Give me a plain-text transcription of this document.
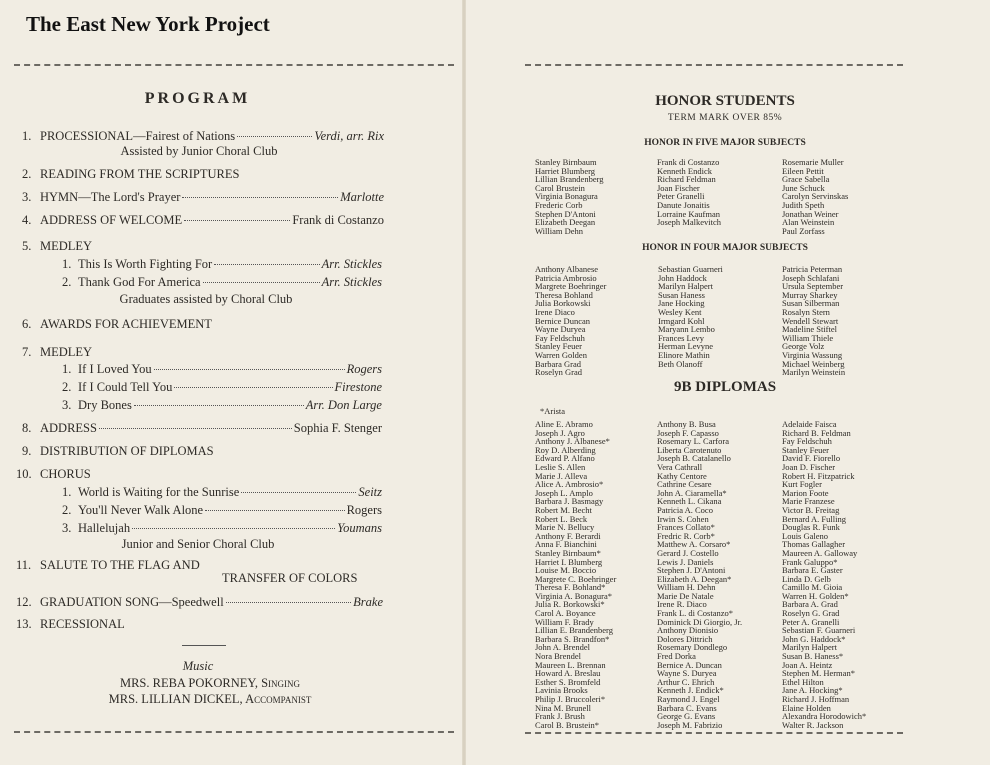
The East New York Project
PROGRAM
1. PROCESSIONAL—Fairest of Nations	Verdi, arr. Rix
Assisted by Junior Choral Club
2. READING FROM THE SCRIPTURES
3. HYMN—The Lord's Prayer	Marlotte
4. ADDRESS OF WELCOME	Frank di Costanzo
5. MEDLEY
1. This Is Worth Fighting For	Arr. Stickles
2. Thank God For America	Arr. Stickles
Graduates assisted by Choral Club
6. AWARDS FOR ACHIEVEMENT
7. MEDLEY
1. If I Loved You	Rogers
2. If I Could Tell You	Firestone
3. Dry Bones	Arr. Don Large
8. ADDRESS	Sophia F. Stenger
9. DISTRIBUTION OF DIPLOMAS
10. CHORUS
1. World is Waiting for the Sunrise	Seitz
2. You'll Never Walk Alone	Rogers
3. Hallelujah	Youmans
Junior and Senior Choral Club
11. SALUTE TO THE FLAG AND
TRANSFER OF COLORS
12. GRADUATION SONG—Speedwell	Brake
13. RECESSIONAL
Music
MRS. REBA POKORNEY, Singing
MRS. LILLIAN DICKEL, Accompanist
HONOR STUDENTS
TERM MARK OVER 85%
HONOR IN FIVE MAJOR SUBJECTS
Stanley Birnbaum
Harriet Blumberg
Lillian Brandenberg
Carol Brustein
Virginia Bonagura
Frederic Corb
Stephen D'Antoni
Elizabeth Deegan
William Dehn
Frank di Costanzo
Kenneth Endick
Richard Feldman
Joan Fischer
Peter Granelli
Danute Jonaitis
Lorraine Kaufman
Joseph Malkevitch
Rosemarie Muller
Eileen Pettit
Grace Sabella
June Schuck
Carolyn Servinskas
Judith Speth
Jonathan Weiner
Alan Weinstein
Paul Zorfass
HONOR IN FOUR MAJOR SUBJECTS
Anthony Albanese
Patricia Ambrosio
Margrete Boehringer
Theresa Bohland
Julia Borkowski
Irene Diaco
Bernice Duncan
Wayne Duryea
Fay Feldschuh
Stanley Feuer
Warren Golden
Barbara Grad
Roselyn Grad
Sebastian Guarneri
John Haddock
Marilyn Halpert
Susan Haness
Jane Hocking
Wesley Kent
Irmgard Kohl
Maryann Lembo
Frances Levy
Herman Levyne
Elinore Mathin
Beth Olanoff
Patricia Peterman
Joseph Schlafani
Ursula September
Murray Sharkey
Susan Silberman
Rosalyn Stern
Wendell Stewart
Madeline Stiftel
William Thiele
George Volz
Virginia Wassung
Michael Weinberg
Marilyn Weinstein
9B DIPLOMAS
*Arista
Aline E. Abramo
Joseph J. Agro
Anthony J. Albanese*
Roy D. Alberding
Edward P. Alfano
Leslie S. Allen
Marie J. Alleva
Alice A. Ambrosio*
Joseph L. Amplo
Barbara J. Basmagy
Robert M. Becht
Robert L. Beck
Marie N. Bellucy
Anthony F. Berardi
Anna F. Bianchini
Stanley Birnbaum*
Harriet I. Blumberg
Louise M. Boccio
Margrete C. Boehringer
Theresa F. Bohland*
Virginia A. Bonagura*
Julia R. Borkowski*
Carol A. Boyance
William F. Brady
Lillian E. Brandenberg
Barbara S. Brandfon*
John A. Brendel
Nora Brendel
Maureen L. Brennan
Howard A. Breslau
Esther S. Bromfeld
Lavinia Brooks
Philip J. Bruccoleri*
Nina M. Brunell
Frank J. Brush
Carol B. Brustein*
Anthony B. Busa
Joseph F. Capasso
Rosemary L. Carfora
Liberta Carotenuto
Joseph B. Catalanello
Vera Cathrall
Kathy Centore
Cathrine Cesare
John A. Ciaramella*
Kenneth L. Cikana
Patricia A. Coco
Irwin S. Cohen
Frances Collato*
Fredric R. Corb*
Matthew A. Corsaro*
Gerard J. Costello
Lewis J. Daniels
Stephen J. D'Antoni
Elizabeth A. Deegan*
William H. Dehn
Marie De Natale
Irene R. Diaco
Frank L. di Costanzo*
Dominick Di Giorgio, Jr.
Anthony Dionisio
Dolores Dittrich
Rosemary Dondlego
Fred Dorka
Bernice A. Duncan
Wayne S. Duryea
Arthur C. Ehrich
Kenneth J. Endick*
Raymond J. Engel
Barbara C. Evans
George G. Evans
Joseph M. Fabrizio
Adelaide Faisca
Richard B. Feldman
Fay Feldschuh
Stanley Feuer
David F. Fiorello
Joan D. Fischer
Robert H. Fitzpatrick
Kurt Fogler
Marion Foote
Marie Franzese
Victor B. Freitag
Bernard A. Fulling
Douglas R. Funk
Louis Galeno
Thomas Gallagher
Maureen A. Galloway
Frank Galuppo*
Barbara E. Gaster
Linda D. Gelb
Camillo M. Gioia
Warren H. Golden*
Barbara A. Grad
Roselyn G. Grad
Peter A. Granelli
Sebastian F. Guarneri
John G. Haddock*
Marilyn Halpert
Susan B. Haness*
Joan A. Heintz
Stephen M. Herman*
Ethel Hilton
Jane A. Hocking*
Richard J. Hoffman
Elaine Holden
Alexandra Horodowich*
Walter R. Jackson
